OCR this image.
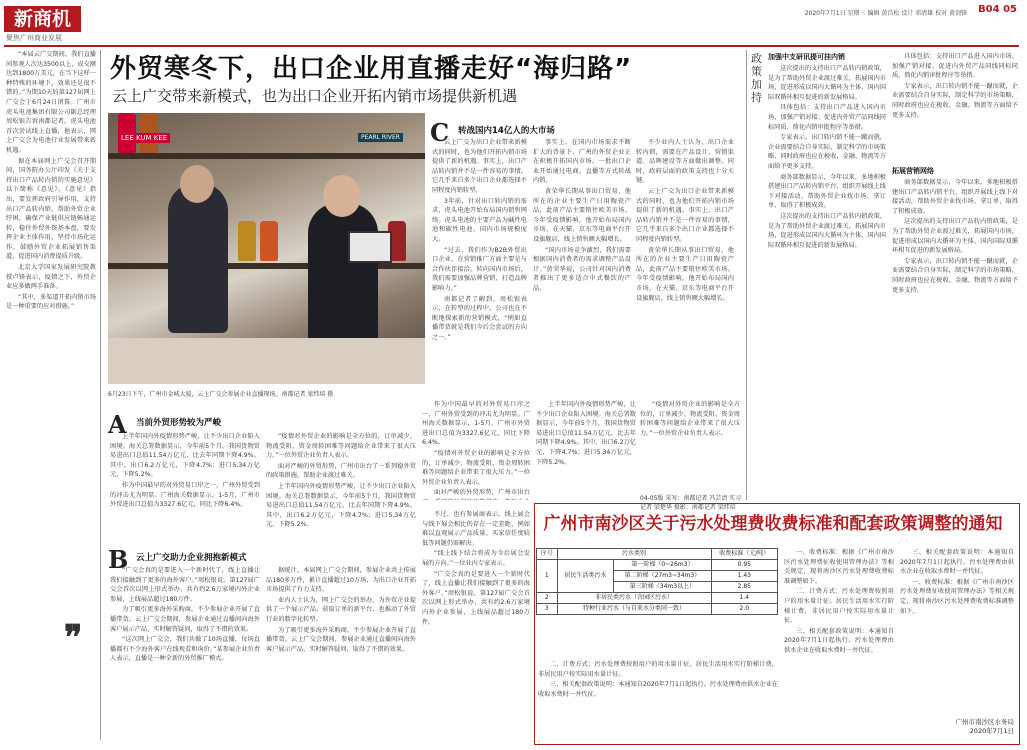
新商机
聚焦广州商业发展
2020年7月1日 星期三 编辑 黄昌松 设计 邓清雄 校对 黄剑锋 B04 05

“本届云广交期间，我们直播间参观人次达3500以上，成交额达到1800万美元，在当下这样一种特殊的环境下，效果还是很不错的。”为期10天的第127届网上广交会于6月24日闭幕。广州市虎头电池集团有限公司副总经理周松银告诉南都记者，虎头电池首次尝试线上直播，他表示，网上广交会为电池行业发展带来新机遇。

据在本届网上广交会召开期间，国务院办公厅印发《关于支持出口产品转内销的实施意见》以下简称《意见》。《意见》指出，要发挥政府引导作用，支持出口产品转内销，帮助外贸企业纾困，确保产业链供应链畅通运转，稳住外贸外资基本盘，要发挥企业主体作用，坚持市场化运作，鼓励外贸企业拓展销售渠道，促进国内消费提质升级。

北京大学国家发展研究院教授卢锋表示，疫情之下，外贸企业应多做两手准备。

“其中，多渠道开拓内销市场是一种重要的应对措施。”

❞
外贸寒冬下，出口企业用直播走好“海归路”
云上广交带来新模式，也为出口企业开拓内销市场提供新机遇
LEE KUM KEE	PEARL RIVER
6月23日下午，广州市金城大厦，云上广交会参展企业直播现场。南都记者 梁炜培 摄
C 转战国内14亿人的大市场

云上广交为出口企业带来新模式的同时，也为他们开拓内销市场提供了新的机遇。事实上，出口产品转内销并不是一件容易的事情，它几乎来自多个出口企业都选择不同程度内销转型。

3年前，针对出口转内销的需求，虎头电池开始布局国内销售网络。虎头电池的主要产品为碱性电池和碳性电池，国内市场规模庞大。

“过去，我们作为B2B外贸出口企业，在营销推广方面主要是与合作伙伴接洽。转向国内市场后，我们需要加强品牌营销，打造品牌影响力。”

南都记者了解到，周松银表示，在转型的过程中，公司也在不断地探索新的营销模式，“例如直播带货就是我们今后会尝试的方向之一。”

事实上，在国内市场需求不断扩大的背景下，广州的外贸企业正在积极开拓国内市场，一批出口企业开始通过电商、直播等方式转战内销。

黄荣华长期从事出口贸易，他所在的企业主要生产日用陶瓷产品，此前产品主要销往欧美市场。今年受疫情影响，他开始布局国内市场，在天猫、京东等电商平台开设旗舰店，线上销售额大幅增长。

“国内市场竞争激烈，我们需要根据国内消费者的需求调整产品设计。”黄荣华说，公司针对国内消费者推出了更多适合中式餐饮的产品。

不少业内人士认为，出口企业转内销，需要在产品设计、营销渠道、品牌建设等方面做出调整。同时，政府层面的政策支持也十分关键。

云上广交为出口企业带来新模式的同时，也为他们开拓内销市场提供了新的机遇。事实上，出口产品转内销并不是一件容易的事情，它几乎来自多个出口企业都选择不同程度内销转型。

黄荣华长期从事出口贸易，他所在的企业主要生产日用陶瓷产品，此前产品主要销往欧美市场。今年受疫情影响，他开始布局国内市场，在天猫、京东等电商平台开设旗舰店，线上销售额大幅增长。

A 当前外贸形势较为严峻

上半年国内外疫情形势严峻，让不少出口企业陷入困境。海关总署数据显示，今年前5个月，我国货物贸易进出口总值11.54万亿元，比去年同期下降4.9%。其中，出口6.2万亿元，下降4.7%；进口5.34万亿元，下降5.2%。

作为中国最早的对外贸易口岸之一，广州外贸受到的冲击尤为明显。广州海关数据显示，1-5月，广州市外贸进出口总值为3327.6亿元，同比下降6.4%。

“疫情对外贸企业的影响是全方位的，订单减少、物流受阻、资金周转困难等问题给企业带来了很大压力。”一位外贸企业负责人表示。

面对严峻的外贸形势，广州市出台了一系列稳外贸的政策措施，帮助企业渡过难关。

上半年国内外疫情形势严峻，让不少出口企业陷入困境。海关总署数据显示，今年前5个月，我国货物贸易进出口总值11.54万亿元，比去年同期下降4.9%。其中，出口6.2万亿元，下降4.7%；进口5.34万亿元，下降5.2%。

作为中国最早的对外贸易口岸之一，广州外贸受到的冲击尤为明显。广州海关数据显示，1-5月，广州市外贸进出口总值为3327.6亿元，同比下降6.4%。

“疫情对外贸企业的影响是全方位的，订单减少、物流受阻、资金周转困难等问题给企业带来了很大压力。”一位外贸企业负责人表示。

面对严峻的外贸形势，广州市出台

上半年国内外疫情形势严峻，让不少出口企业陷入困境。海关总署数据显示，今年前5个月，我国货物贸易进出口总值11.54万亿元，比去年同期下降4.9%。其中，出口6.2万亿元，下降4.7%；进口5.34万亿元，下降5.2%。

“疫情对外贸企业的影响是全方位的，订单减少、物流受阻、资金周转困难等问题给企业带来了很大压力。”一位外贸企业负责人表示。

04-05版 采写：南都记者 冯芸清 实习记者 梁楚华 摄影：南都记者 梁炜培
B 云上广交助力企业拥抱新模式

“广交会真的是要进入一个新时代了，线上直播让我们接触到了更多的海外客户。”周松银说。第127届广交会首次以网上形式举办，共有约2.6万家境内外企业参展，上线展品超过180万件。

为了吸引更多海外采购商，不少参展企业开展了直播带货。云上广交会期间，参展企业通过直播间向海外客户展示产品，实时解答疑问，取得了不错的效果。

“这次网上广交会，我们共做了10场直播，每场直播都有不少海外客户在线观看和询价。”某参展企业负责人表示，直播是一种全新的外贸推广模式。

据统计，本届网上广交会期间，参展企业共上传展品180多万件，累计直播超过10万场，为出口企业开拓市场提供了有力支持。

业内人士认为，网上广交会的举办，为外贸企业提供了一个展示产品、获取订单的新平台，也推动了外贸行业的数字化转型。

为了吸引更多海外采购商，不少参展企业开展了直播带货。云上广交会期间，参展企业通过直播间向海外客户展示产品，实时解答疑问，取得了不错的效果。

不过，也有参展商表示，线上展会与线下展会相比仍存在一定差距，例如难以直观展示产品质量、买家信任度较低等问题仍需解决。

“线上线下结合将成为今后展会发展的方向。”一位业内专家表示。

“广交会真的是要进入一个新时代了，线上直播让我们接触到了更多的海外客户。”周松银说。第127届广交会首次以网上形式举办，共有约2.6万家境内外企业参展，上线展品超过180万件。

政策加持
加强中支研讯提可挂内销

这次提出的支持出口产品转内销政策，是为了帮助外贸企业渡过难关，拓展国内市场，促进形成以国内大循环为主体、国内国际双循环相互促进的新发展格局。

具体包括：支持出口产品进入国内市场、加强产销对接、促进内外贸产品同线同标同质、简化内销审批程序等举措。

专家表示，出口转内销不能一蹴而就，企业需要结合自身实际，制定科学的市场策略，同时政府也应在税收、金融、物流等方面给予更多支持。

商务部数据显示，今年以来，多地积极搭建出口产品转内销平台，组织开展线上线下对接活动，帮助外贸企业找市场、拿订单，取得了积极成效。

这次提出的支持出口产品转内销政策，是为了帮助外贸企业渡过难关，拓展国内市场，促进形成以国内大循环为主体、国内国际双循环相互促进的新发展格局。

具体包括：支持出口产品进入国内市场、加强产销对接、促进内外贸产品同线同标同质、简化内销审批程序等举措。

专家表示，出口转内销不能一蹴而就，企业需要结合自身实际，制定科学的市场策略，同时政府也应在税收、金融、物流等方面给予更多支持。

拓展营销网络

商务部数据显示，今年以来，多地积极搭建出口产品转内销平台，组织开展线上线下对接活动，帮助外贸企业找市场、拿订单，取得了积极成效。

这次提出的支持出口产品转内销政策，是为了帮助外贸企业渡过难关，拓展国内市场，促进形成以国内大循环为主体、国内国际双循环相互促进的新发展格局。

专家表示，出口转内销不能一蹴而就，企业需要结合自身实际，制定科学的市场策略，同时政府也应在税收、金融、物流等方面给予更多支持。

广州市南沙区关于污水处理费收费标准和配套政策调整的通知
序号	污水类别		收费标准（元/吨）
1	居民生活类污水	第一阶梯（0~26m3）	0.95
		第二阶梯（27m3~34m3）	1.43
		第三阶梯（34m3以上）	2.85
2	非居民类污水（含园区污水）		1.4
3	特种行业污水（与自来水分类同一致）		2.0

二、计费方式：污水处理费按照用户的用水量计征。居民生活用水实行阶梯计费，非居民用户按实际用水量计征。

三、相关配套政策说明：本通知自2020年7月1日起执行。污水处理费由供水企业在收取水费时一并代征。

一、收费标准：根据《广州市南沙区污水处理费征收使用管理办法》等相关规定，现将南沙区污水处理费收费标准调整如下。

二、计费方式：污水处理费按照用户的用水量计征。居民生活用水实行阶梯计费，非居民用户按实际用水量计征。

三、相关配套政策说明：本通知自2020年7月1日起执行。污水处理费由供水企业在收取水费时一并代征。

三、相关配套政策说明：本通知自2020年7月1日起执行。污水处理费由供水企业在收取水费时一并代征。

一、收费标准：根据《广州市南沙区污水处理费征收使用管理办法》等相关规定，现将南沙区污水处理费收费标准调整如下。

广州市南沙区水务局
2020年7月1日
